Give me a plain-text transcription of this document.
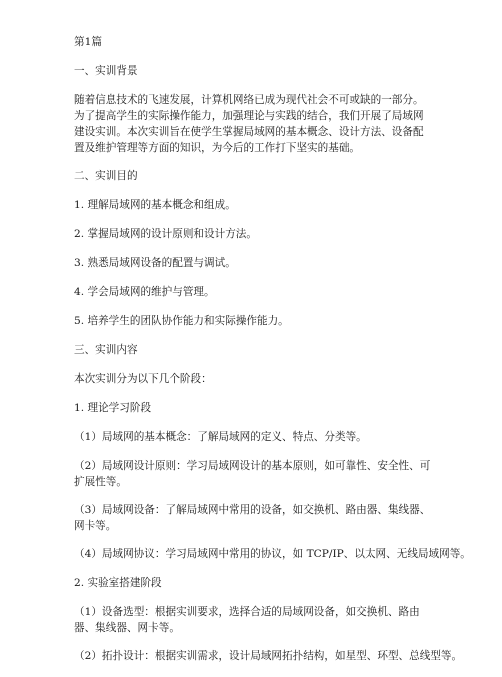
第1篇

一、实训背景

随着信息技术的飞速发展，计算机网络已成为现代社会不可或缺的一部分。为了提高学生的实际操作能力，加强理论与实践的结合，我们开展了局域网建设实训。本次实训旨在使学生掌握局域网的基本概念、设计方法、设备配置及维护管理等方面的知识，为今后的工作打下坚实的基础。

二、实训目的

1. 理解局域网的基本概念和组成。

2. 掌握局域网的设计原则和设计方法。

3. 熟悉局域网设备的配置与调试。

4. 学会局域网的维护与管理。

5. 培养学生的团队协作能力和实际操作能力。

三、实训内容

本次实训分为以下几个阶段：

1. 理论学习阶段

（1）局域网的基本概念：了解局域网的定义、特点、分类等。

（2）局域网设计原则：学习局域网设计的基本原则，如可靠性、安全性、可扩展性等。

（3）局域网设备：了解局域网中常用的设备，如交换机、路由器、集线器、网卡等。

（4）局域网协议：学习局域网中常用的协议，如 TCP/IP、以太网、无线局域网等。

2. 实验室搭建阶段

（1）设备选型：根据实训要求，选择合适的局域网设备，如交换机、路由器、集线器、网卡等。

（2）拓扑设计：根据实训需求，设计局域网拓扑结构，如星型、环型、总线型等。
